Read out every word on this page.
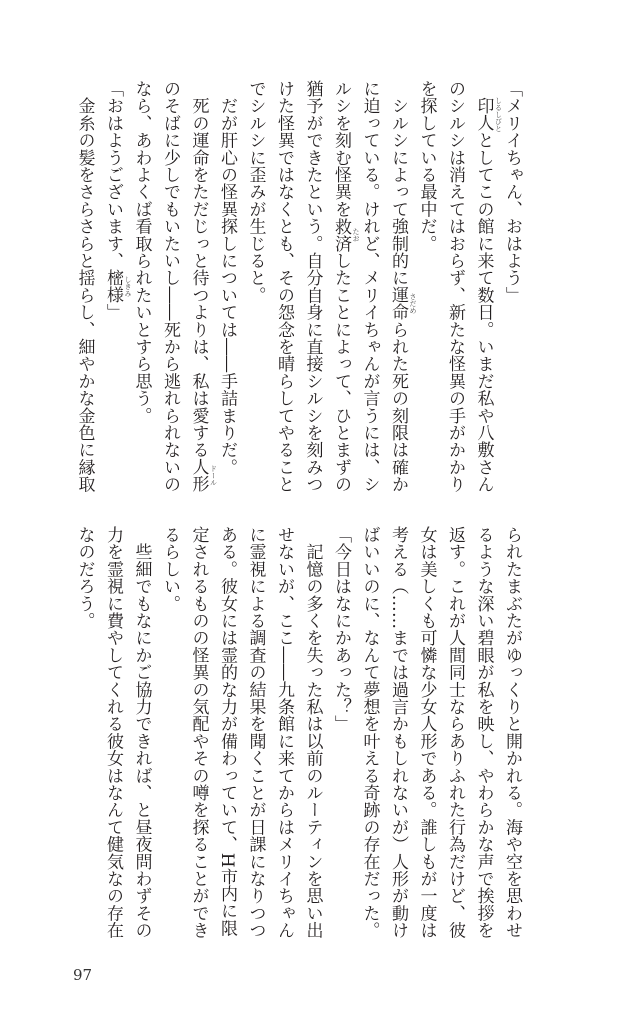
「メリイちゃん、おはよう」
　印人 しるしびと
としてこの館に来て数日。いまだ私や八敷さん
のシルシは消えてはおらず、新たな怪異の手がかかり
を探している最中だ。
　シルシによって強制的に運命 さだめ
られた死の刻限は確か
に迫っている。けれど、メリイちゃんが言うには、シ
ルシを刻む怪異を救済 たお
したことによって、ひとまずの
猶予ができたという。自分自身に直接シルシを刻みつ
けた怪異ではなくとも、その怨念を晴らしてやること
でシルシに歪みが生じると。
　だが肝心の怪異探しについては――手詰まりだ。
　死の運命をただじっと待つよりは、私は愛する人形 ドール
のそばに少しでもいたいし――死から逃れられないの
なら、あわよくば看取られたいとすら思う。
「おはようございます、樒様 しきみ
」
　金糸の髪をさらさらと揺らし、細やかな金色に縁取
られたまぶたがゆっくりと開かれる。海や空を思わせ
るような深い碧眼が私を映し、やわらかな声で挨拶を
返す。これが人間同士ならありふれた行為だけど、彼
女は美しくも可憐な少女人形である。誰しもが一度は
考える（……までは過言かもしれないが）人形が動け
ばいいのに、なんて夢想を叶える奇跡の存在だった。
「今日はなにかあった？」
　記憶の多くを失った私は以前のルーティンを思い出
せないが、ここ――九条館に来てからはメリイちゃん
に霊視による調査の結果を聞くことが日課になりつつ
ある。彼女には霊的な力が備わっていて、H市内に限
定されるものの怪異の気配やその噂を探ることができ
るらしい。
　些細でもなにかご協力できれば、と昼夜問わずその
力を霊視に費やしてくれる彼女はなんて健気なの存在
なのだろう。
97
